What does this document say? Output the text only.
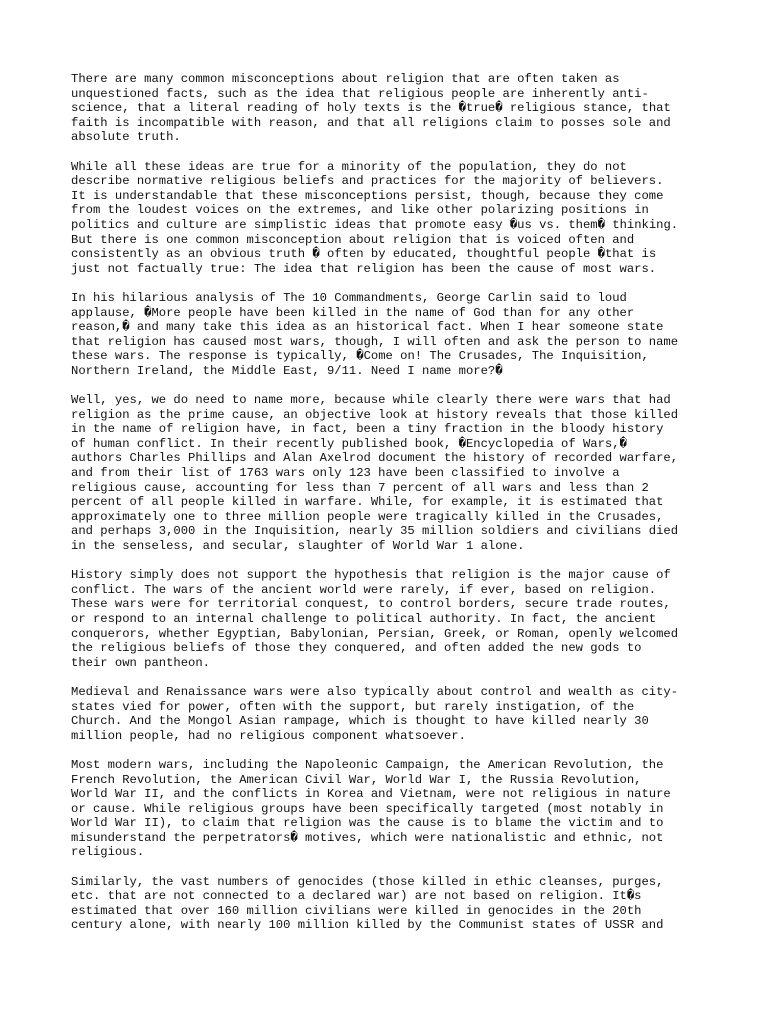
There are many common misconceptions about religion that are often taken as
unquestioned facts, such as the idea that religious people are inherently anti-
science, that a literal reading of holy texts is the �true� religious stance, that
faith is incompatible with reason, and that all religions claim to posses sole and
absolute truth.
While all these ideas are true for a minority of the population, they do not
describe normative religious beliefs and practices for the majority of believers.
It is understandable that these misconceptions persist, though, because they come
from the loudest voices on the extremes, and like other polarizing positions in
politics and culture are simplistic ideas that promote easy �us vs. them� thinking.
But there is one common misconception about religion that is voiced often and
consistently as an obvious truth � often by educated, thoughtful people �that is
just not factually true: The idea that religion has been the cause of most wars.
In his hilarious analysis of The 10 Commandments, George Carlin said to loud
applause, �More people have been killed in the name of God than for any other
reason,� and many take this idea as an historical fact. When I hear someone state
that religion has caused most wars, though, I will often and ask the person to name
these wars. The response is typically, �Come on! The Crusades, The Inquisition,
Northern Ireland, the Middle East, 9/11. Need I name more?�
Well, yes, we do need to name more, because while clearly there were wars that had
religion as the prime cause, an objective look at history reveals that those killed
in the name of religion have, in fact, been a tiny fraction in the bloody history
of human conflict. In their recently published book, �Encyclopedia of Wars,�
authors Charles Phillips and Alan Axelrod document the history of recorded warfare,
and from their list of 1763 wars only 123 have been classified to involve a
religious cause, accounting for less than 7 percent of all wars and less than 2
percent of all people killed in warfare. While, for example, it is estimated that
approximately one to three million people were tragically killed in the Crusades,
and perhaps 3,000 in the Inquisition, nearly 35 million soldiers and civilians died
in the senseless, and secular, slaughter of World War 1 alone.
History simply does not support the hypothesis that religion is the major cause of
conflict. The wars of the ancient world were rarely, if ever, based on religion.
These wars were for territorial conquest, to control borders, secure trade routes,
or respond to an internal challenge to political authority. In fact, the ancient
conquerors, whether Egyptian, Babylonian, Persian, Greek, or Roman, openly welcomed
the religious beliefs of those they conquered, and often added the new gods to
their own pantheon.
Medieval and Renaissance wars were also typically about control and wealth as city-
states vied for power, often with the support, but rarely instigation, of the
Church. And the Mongol Asian rampage, which is thought to have killed nearly 30
million people, had no religious component whatsoever.
Most modern wars, including the Napoleonic Campaign, the American Revolution, the
French Revolution, the American Civil War, World War I, the Russia Revolution,
World War II, and the conflicts in Korea and Vietnam, were not religious in nature
or cause. While religious groups have been specifically targeted (most notably in
World War II), to claim that religion was the cause is to blame the victim and to
misunderstand the perpetrators� motives, which were nationalistic and ethnic, not
religious.
Similarly, the vast numbers of genocides (those killed in ethic cleanses, purges,
etc. that are not connected to a declared war) are not based on religion. It�s
estimated that over 160 million civilians were killed in genocides in the 20th
century alone, with nearly 100 million killed by the Communist states of USSR and
